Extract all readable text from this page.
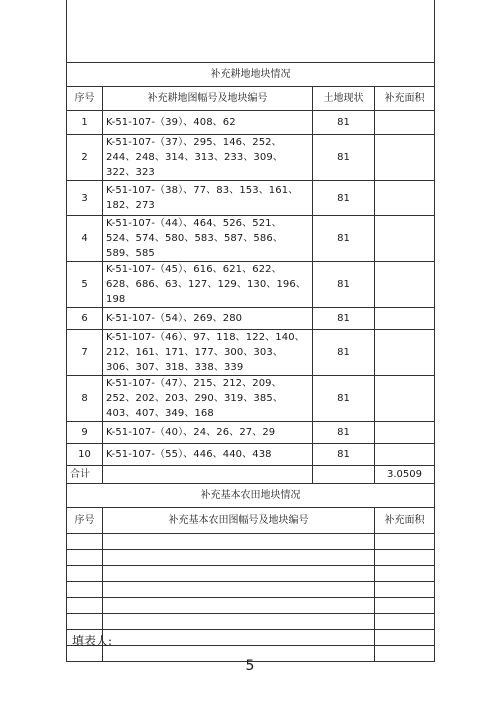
补充耕地地块情况			
序号	补充耕地图幅号及地块编号	土地现状	补充面积
1	K-51-107-（39）、408、62	81	
2	K-51-107-（37）、295、146、252、244、248、314、313、233、309、322、323	81	
3	K-51-107-（38）、77、83、153、161、182、273	81	
4	K-51-107-（44）、464、526、521、524、574、580、583、587、586、589、585	81	
5	K-51-107-（45）、616、621、622、628、686、63、127、129、130、196、198	81	
6	K-51-107-（54）、269、280	81	
7	K-51-107-（46）、97、118、122、140、212、161、171、177、300、303、306、307、318、338、339	81	
8	K-51-107-（47）、215、212、209、252、202、203、290、319、385、403、407、349、168	81	
9	K-51-107-（40）、24、26、27、29	81	
10	K-51-107-（55）、446、440、438	81	
合计			3.0509
补充基本农田地块情况			
序号	补充基本农田图幅号及地块编号		补充面积

填表人:
5
